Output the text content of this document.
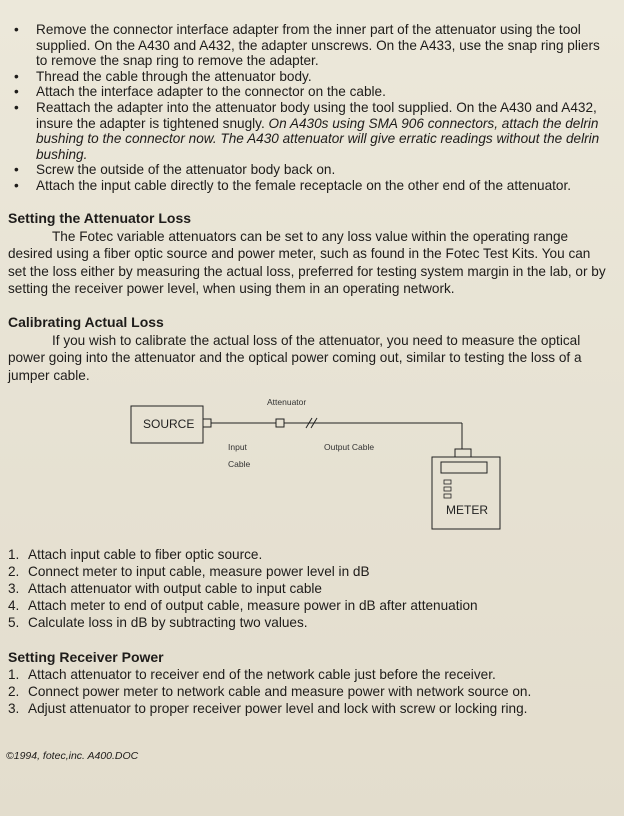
• Remove the connector interface adapter from the inner part of the attenuator using the tool supplied. On the A430 and A432, the adapter unscrews. On the A433, use the snap ring pliers to remove the snap ring to remove the adapter.
• Thread the cable through the attenuator body.
• Attach the interface adapter to the connector on the cable.
• Reattach the adapter into the attenuator body using the tool supplied. On the A430 and A432, insure the adapter is tightened snugly. On A430s using SMA 906 connectors, attach the delrin bushing to the connector now. The A430 attenuator will give erratic readings without the delrin bushing.
• Screw the outside of the attenuator body back on.
• Attach the input cable directly to the female receptacle on the other end of the attenuator.
Setting the Attenuator Loss

The Fotec variable attenuators can be set to any loss value within the operating range desired using a fiber optic source and power meter, such as found in the Fotec Test Kits. You can set the loss either by measuring the actual loss, preferred for testing system margin in the lab, or by setting the receiver power level, when using them in an operating network.

Calibrating Actual Loss

If you wish to calibrate the actual loss of the attenuator, you need to measure the optical power going into the attenuator and the optical power coming out, similar to testing the loss of a jumper cable.

SOURCE
Attenuator
Input
Cable
Output Cable
METER
1. Attach input cable to fiber optic source.
2. Connect meter to input cable, measure power level in dB
3. Attach attenuator with output cable to input cable
4. Attach meter to end of output cable, measure power in dB after attenuation
5. Calculate loss in dB by subtracting two values.
Setting Receiver Power
1. Attach attenuator to receiver end of the network cable just before the receiver.
2. Connect power meter to network cable and measure power with network source on.
3. Adjust attenuator to proper receiver power level and lock with screw or locking ring.
©1994, fotec,inc. A400.DOC
